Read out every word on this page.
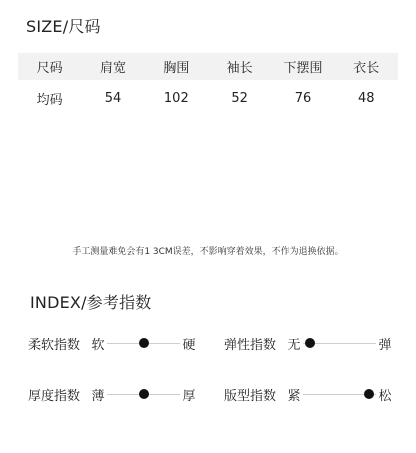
SIZE/尺码
尺码	肩宽	胸围	袖长	下摆围	衣长
均码	54	102	52	76	48
手工测量难免会有1 3CM误差，不影响穿着效果，不作为退换依据。
INDEX/参考指数
柔软指数 软	硬 弹性指数 无	弹
厚度指数 薄	厚 版型指数 紧	松
